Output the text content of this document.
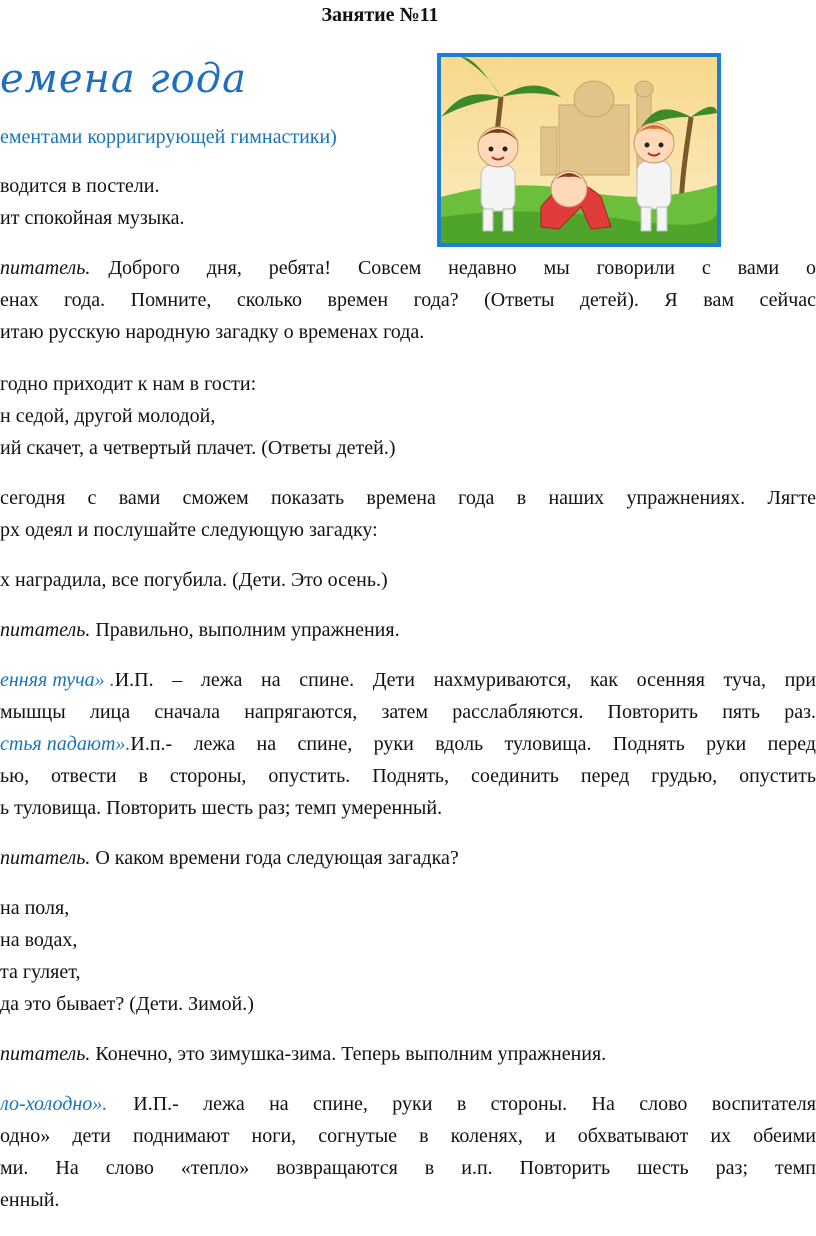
Занятие №11
емена года
ементами корригирующей гимнастики)
водится в постели.
ит спокойная музыка.
питатель. Доброго дня, ребята! Совсем недавно мы говорили с вами о
енах года. Помните, сколько времен года? (Ответы детей). Я вам сейчас
итаю русскую народную загадку о временах года.
годно приходит к нам в гости:
н седой, другой молодой,
ий скачет, а четвертый плачет. (Ответы детей.)
сегодня с вами сможем показать времена года в наших упражнениях. Лягте
рх одеял и послушайте следующую загадку:
х наградила, все погубила. (Дети. Это осень.)
питатель. Правильно, выполним упражнения.
енняя туча» . И.П. – лежа на спине. Дети нахмуриваются, как осенняя туча, при
мышцы лица сначала напрягаются, затем расслабляются. Повторить пять раз.
стья падают». И.п.- лежа на спине, руки вдоль туловища. Поднять руки перед
ью, отвести в стороны, опустить. Поднять, соединить перед грудью, опустить
ь туловища. Повторить шесть раз; темп умеренный.
питатель. О каком времени года следующая загадка?
на поля,
на водах,
та гуляет,
да это бывает? (Дети. Зимой.)
питатель. Конечно, это зимушка-зима. Теперь выполним упражнения.
ло-холодно». И.П.- лежа на спине, руки в стороны. На слово воспитателя
одно» дети поднимают ноги, согнутые в коленях, и обхватывают их обеими
ми. На слово «тепло» возвращаются в и.п. Повторить шесть раз; темп
енный.
